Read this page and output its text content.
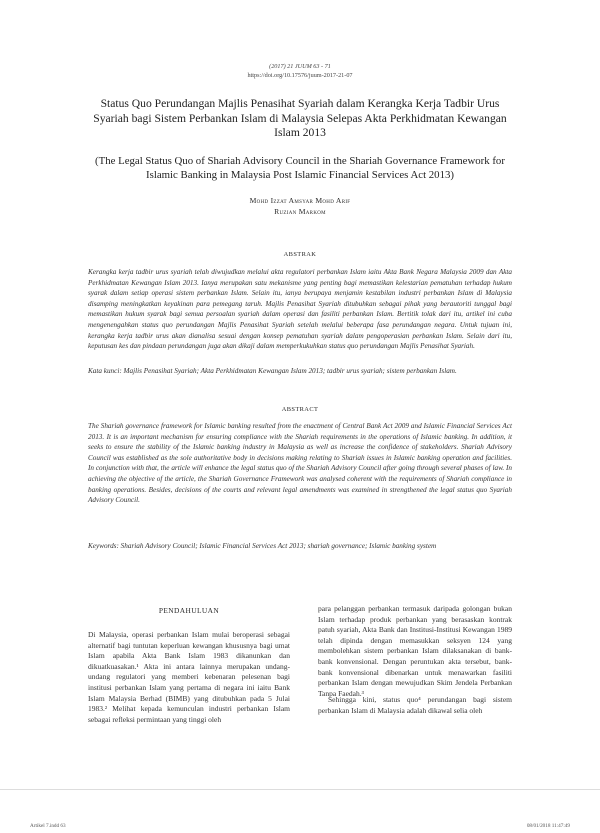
(2017) 21 JUUM 63 - 71
https://doi.org/10.17576/juum-2017-21-07
Status Quo Perundangan Majlis Penasihat Syariah dalam Kerangka Kerja Tadbir Urus Syariah bagi Sistem Perbankan Islam di Malaysia Selepas Akta Perkhidmatan Kewangan Islam 2013
(The Legal Status Quo of Shariah Advisory Council in the Shariah Governance Framework for Islamic Banking in Malaysia Post Islamic Financial Services Act 2013)
Mohd Izzat Amsyar Mohd Arif
Ruzian Markom
ABSTRAK
Kerangka kerja tadbir urus syariah telah diwujudkan melalui akta regulatori perbankan Islam iaitu Akta Bank Negara Malaysia 2009 dan Akta Perkhidmatan Kewangan Islam 2013. Ianya merupakan satu mekanisme yang penting bagi memastikan kelestarian pematuhan terhadap hukum syarak dalam setiap operasi sistem perbankan Islam. Selain itu, ianya berupaya menjamin kestabilan industri perbankan Islam di Malaysia disamping meningkatkan keyakinan para pemegang taruh. Majlis Penasihat Syariah ditubuhkan sebagai pihak yang berautoriti tunggal bagi memastikan hukum syarak bagi semua persoalan syariah dalam operasi dan fasiliti perbankan Islam. Bertitik tolak dari itu, artikel ini cuba mengenengahkan status quo perundangan Majlis Penasihat Syariah setelah melalui beberapa fasa perundangan negara. Untuk tujuan ini, kerangka kerja tadbir urus akan dianalisa sesuai dengan konsep pematuhan syariah dalam pengoperasian perbankan Islam. Selain dari itu, keputusan kes dan pindaan perundangan juga akan dikaji dalam memperkukuhkan status quo perundangan Majlis Penasihat Syariah.
Kata kunci: Majlis Penasihat Syariah; Akta Perkhidmatan Kewangan Islam 2013; tadbir urus syariah; sistem perbankan Islam.
ABSTRACT
The Shariah governance framework for Islamic banking resulted from the enactment of Central Bank Act 2009 and Islamic Financial Services Act 2013. It is an important mechanism for ensuring compliance with the Shariah requirements in the operations of Islamic banking. In addition, it seeks to ensure the stability of the Islamic banking industry in Malaysia as well as increase the confidence of stakeholders. Shariah Advisory Council was established as the sole authoritative body in decisions making relating to Shariah issues in Islamic banking operation and facilities. In conjunction with that, the article will enhance the legal status quo of the Shariah Advisory Council after going through several phases of law. In achieving the objective of the article, the Shariah Governance Framework was analysed coherent with the requirements of Shariah compliance in banking operations. Besides, decisions of the courts and relevant legal amendments was examined in strengthened the legal status quo Syariah Advisory Council.
Keywords: Shariah Advisory Council; Islamic Financial Services Act 2013; shariah governance; Islamic banking system
PENDAHULUAN
Di Malaysia, operasi perbankan Islam mulai beroperasi sebagai alternatif bagi tuntutan keperluan kewangan khususnya bagi umat Islam apabila Akta Bank Islam 1983 dikanunkan dan dikuatkuasakan.¹ Akta ini antara lainnya merupakan undang-undang regulatori yang memberi kebenaran pelesenan bagi institusi perbankan Islam yang pertama di negara ini iaitu Bank Islam Malaysia Berhad (BIMB) yang ditubuhkan pada 5 Julai 1983.² Melihat kepada kemunculan industri perbankan Islam sebagai refleksi permintaan yang tinggi oleh
para pelanggan perbankan termasuk daripada golongan bukan Islam terhadap produk perbankan yang berasaskan kontrak patuh syariah, Akta Bank dan Institusi-Institusi Kewangan 1989 telah dipinda dengan memasukkan seksyen 124 yang membolehkan sistem perbankan Islam dilaksanakan di bank-bank konvensional. Dengan peruntukan akta tersebut, bank-bank konvensional dibenarkan untuk menawarkan fasiliti perbankan Islam dengan mewujudkan Skim Jendela Perbankan Tanpa Faedah.³
Sehingga kini, status quo⁴ perundangan bagi sistem perbankan Islam di Malaysia adalah dikawal selia oleh
Artikel 7.indd 63	08/01/2018 11:47:49
